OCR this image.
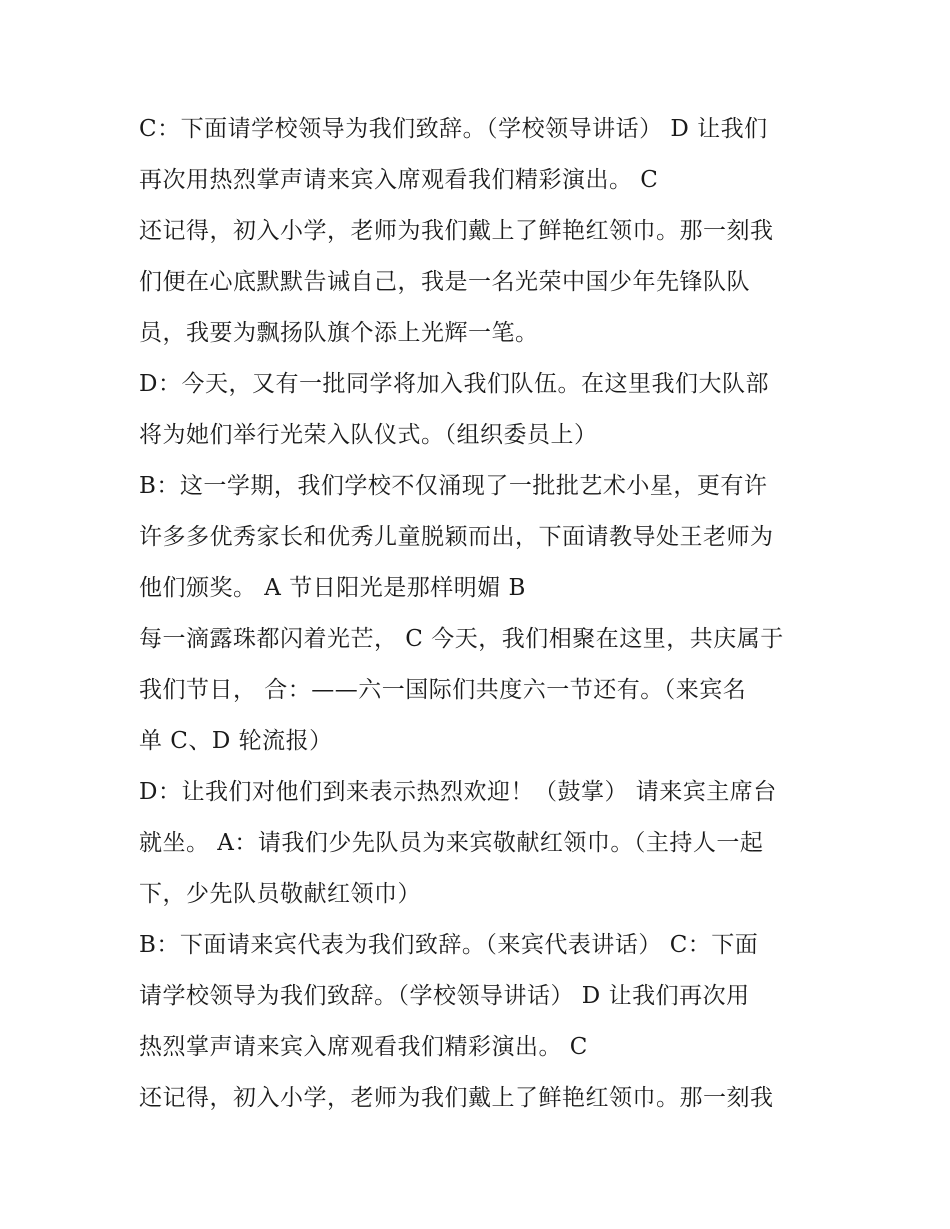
C：下面请学校领导为我们致辞。（学校领导讲话） D 让我们
再次用热烈掌声请来宾入席观看我们精彩演出。 C
还记得，初入小学，老师为我们戴上了鲜艳红领巾。那一刻我
们便在心底默默告诫自己，我是一名光荣中国少年先锋队队
员，我要为飘扬队旗个添上光辉一笔。
D：今天，又有一批同学将加入我们队伍。在这里我们大队部
将为她们举行光荣入队仪式。（组织委员上）
B：这一学期，我们学校不仅涌现了一批批艺术小星，更有许
许多多优秀家长和优秀儿童脱颖而出，下面请教导处王老师为
他们颁奖。 A 节日阳光是那样明媚 B
每一滴露珠都闪着光芒， C 今天，我们相聚在这里，共庆属于
我们节日， 合：——六一国际们共度六一节还有。（来宾名
单 C、D 轮流报）
D：让我们对他们到来表示热烈欢迎！（鼓掌） 请来宾主席台
就坐。 A：请我们少先队员为来宾敬献红领巾。（主持人一起
下，少先队员敬献红领巾）
B：下面请来宾代表为我们致辞。（来宾代表讲话） C：下面
请学校领导为我们致辞。（学校领导讲话） D 让我们再次用
热烈掌声请来宾入席观看我们精彩演出。 C
还记得，初入小学，老师为我们戴上了鲜艳红领巾。那一刻我
